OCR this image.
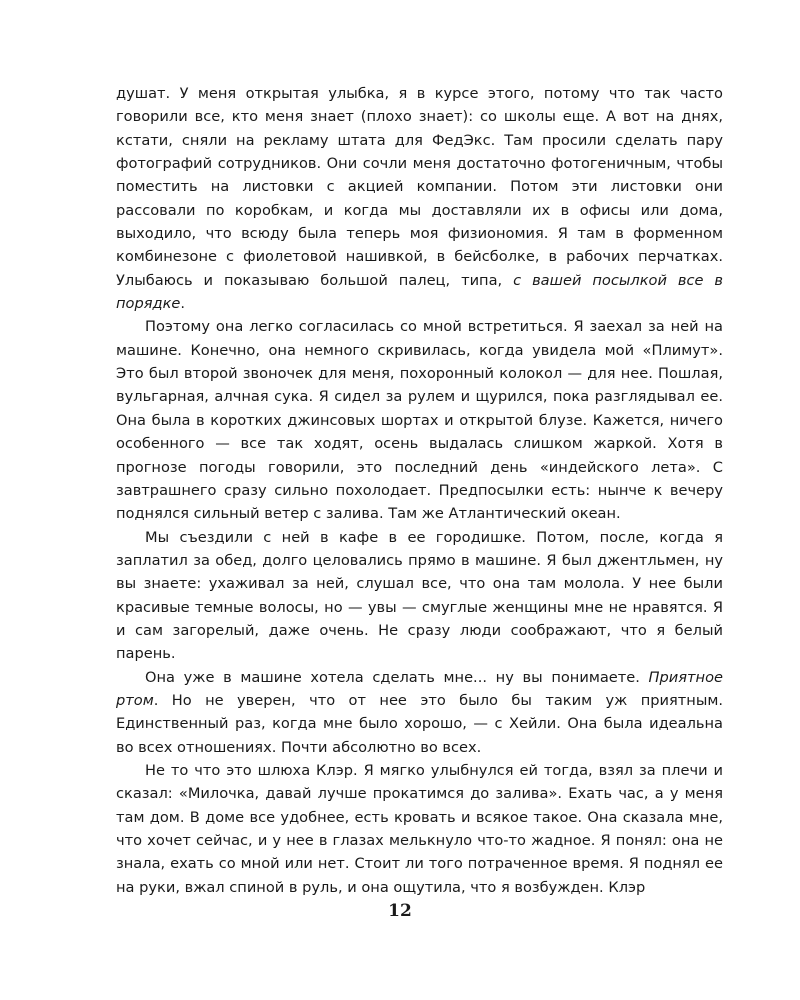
душат. У меня открытая улыбка, я в курсе этого, потому что так часто говорили все, кто меня знает (плохо знает): со школы еще. А вот на днях, кстати, сняли на рекламу штата для ФедЭкс. Там просили сделать пару фотографий сотрудников. Они сочли меня достаточно фотогеничным, чтобы поместить на листовки с акцией компании. Потом эти листовки они рассовали по коробкам, и когда мы доставляли их в офисы или дома, выходило, что всюду была теперь моя физиономия. Я там в форменном комбинезоне с фиолетовой нашивкой, в бейсболке, в рабочих перчатках. Улыбаюсь и показываю большой палец, типа, с вашей посылкой все в порядке.

Поэтому она легко согласилась со мной встретиться. Я заехал за ней на машине. Конечно, она немного скривилась, когда увидела мой «Плимут». Это был второй звоночек для меня, похоронный колокол — для нее. Пошлая, вульгарная, алчная сука. Я сидел за рулем и щурился, пока разглядывал ее. Она была в коротких джинсовых шортах и открытой блузе. Кажется, ничего особенного — все так ходят, осень выдалась слишком жаркой. Хотя в прогнозе погоды говорили, это последний день «индейского лета». С завтрашнего сразу сильно похолодает. Предпосылки есть: нынче к вечеру поднялся сильный ветер с залива. Там же Атлантический океан.

Мы съездили с ней в кафе в ее городишке. Потом, после, когда я заплатил за обед, долго целовались прямо в машине. Я был джентльмен, ну вы знаете: ухаживал за ней, слушал все, что она там молола. У нее были красивые темные волосы, но — увы — смуглые женщины мне не нравятся. Я и сам загорелый, даже очень. Не сразу люди соображают, что я белый парень.

Она уже в машине хотела сделать мне... ну вы понимаете. Приятное ртом. Но не уверен, что от нее это было бы таким уж приятным. Единственный раз, когда мне было хорошо, — с Хейли. Она была идеальна во всех отношениях. Почти абсолютно во всех.

Не то что это шлюха Клэр. Я мягко улыбнулся ей тогда, взял за плечи и сказал: «Милочка, давай лучше прокатимся до залива». Ехать час, а у меня там дом. В доме все удобнее, есть кровать и всякое такое. Она сказала мне, что хочет сейчас, и у нее в глазах мелькнуло что-то жадное. Я понял: она не знала, ехать со мной или нет. Стоит ли того потраченное время. Я поднял ее на руки, вжал спиной в руль, и она ощутила, что я возбужден. Клэр

12
